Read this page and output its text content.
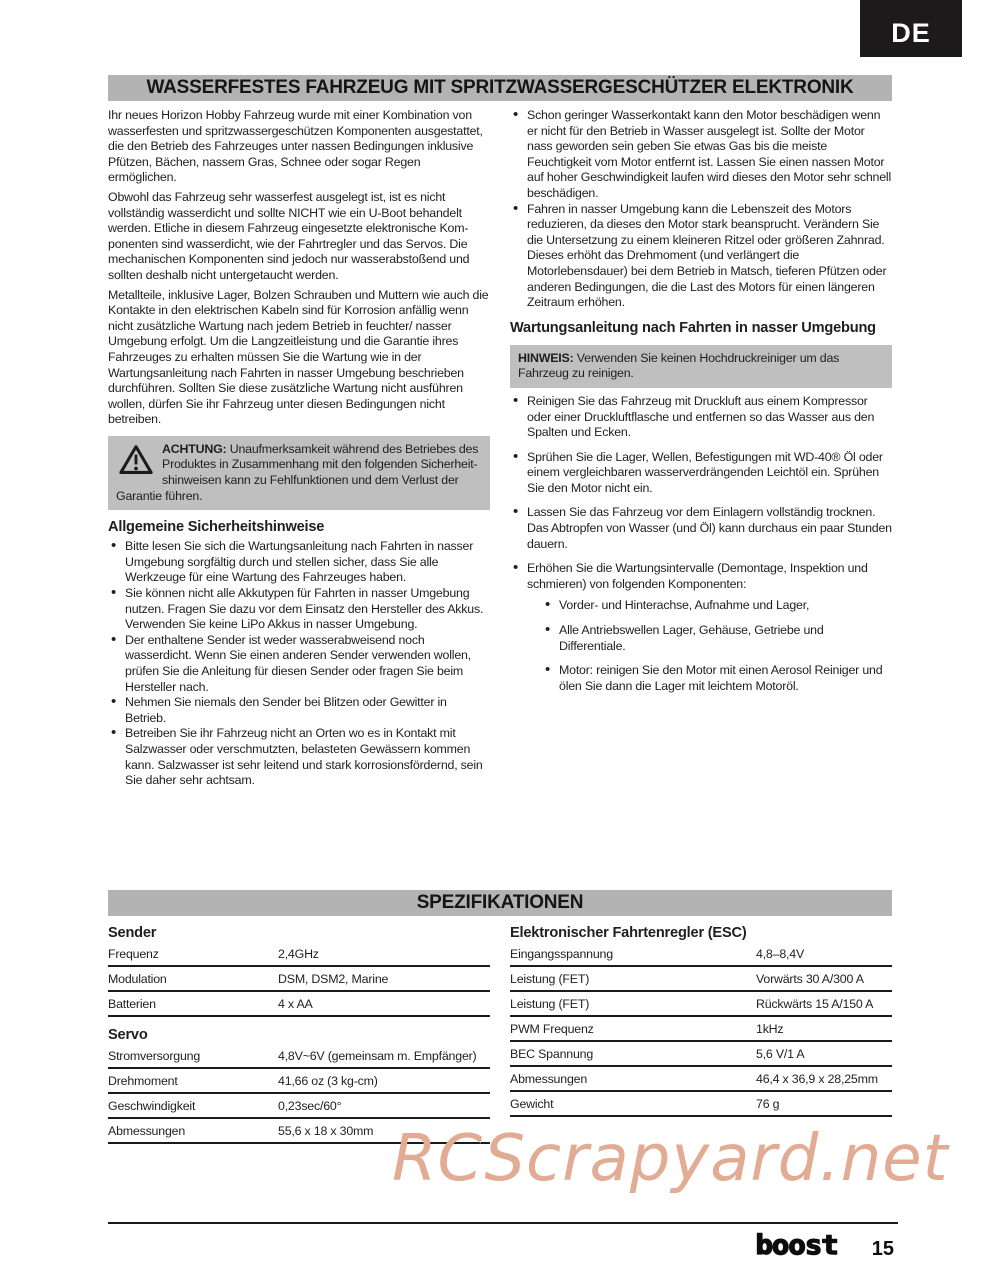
DE
WASSERFESTES FAHRZEUG MIT SPRITZWASSERGESCHÜTZER ELEKTRONIK

Ihr neues Horizon Hobby Fahrzeug wurde mit einer Kombination von wasserfesten und spritzwassergeschützen Komponenten ausgestattet, die den Betrieb des Fahrzeuges unter nassen Bedingungen inklusive Pfützen, Bächen, nassem Gras, Schnee oder sogar Regen ermöglichen.

Obwohl das Fahrzeug sehr wasserfest ausgelegt ist, ist es nicht vollständig wasserdicht und sollte NICHT wie ein U-Boot behandelt werden. Etliche in diesem Fahrzeug eingesetzte elektronische Komponenten sind wasserdicht, wie der Fahrtregler und das Servos. Die mechanischen Komponenten sind jedoch nur wasserabstoßend und sollten deshalb nicht untergetaucht werden.

Metallteile, inklusive Lager, Bolzen Schrauben und Muttern wie auch die Kontakte in den elektrischen Kabeln sind für Korrosion anfällig wenn nicht zusätzliche Wartung nach jedem Betrieb in feuchter/ nasser Umgebung erfolgt. Um die Langzeitleistung und die Garantie ihres Fahrzeuges zu erhalten müssen Sie die Wartung wie in der Wartungsanleitung nach Fahrten in nasser Umgebung beschrieben durchführen. Sollten Sie diese zusätzliche Wartung nicht ausführen wollen, dürfen Sie ihr Fahrzeug unter diesen Bedingungen nicht betreiben.

ACHTUNG: Unaufmerksamkeit während des Betriebes des Produktes in Zusammenhang mit den folgenden Sicherheitshinweisen kann zu Fehlfunktionen und dem Verlust der Garantie führen.
Allgemeine Sicherheitshinweise
• Bitte lesen Sie sich die Wartungsanleitung nach Fahrten in nasser Umgebung sorgfältig durch und stellen sicher, dass Sie alle Werkzeuge für eine Wartung des Fahrzeuges haben.
• Sie können nicht alle Akkutypen für Fahrten in nasser Umgebung nutzen. Fragen Sie dazu vor dem Einsatz den Hersteller des Akkus. Verwenden Sie keine LiPo Akkus in nasser Umgebung.
• Der enthaltene Sender ist weder wasserabweisend noch wasserdicht. Wenn Sie einen anderen Sender verwenden wollen, prüfen Sie die Anleitung für diesen Sender oder fragen Sie beim Hersteller nach.
• Nehmen Sie niemals den Sender bei Blitzen oder Gewitter in Betrieb.
• Betreiben Sie ihr Fahrzeug nicht an Orten wo es in Kontakt mit Salzwasser oder verschmutzten, belasteten Gewässern kommen kann. Salzwasser ist sehr leitend und stark korrosionsfördernd, sein Sie daher sehr achtsam.
• Schon geringer Wasserkontakt kann den Motor beschädigen wenn er nicht für den Betrieb in Wasser ausgelegt ist. Sollte der Motor nass geworden sein geben Sie etwas Gas bis die meiste Feuchtigkeit vom Motor entfernt ist. Lassen Sie einen nassen Motor auf hoher Geschwindigkeit laufen wird dieses den Motor sehr schnell beschädigen.
• Fahren in nasser Umgebung kann die Lebenszeit des Motors reduzieren, da dieses den Motor stark beansprucht. Verändern Sie die Untersetzung zu einem kleineren Ritzel oder größeren Zahnrad. Dieses erhöht das Drehmoment (und verlängert die Motorlebensdauer) bei dem Betrieb in Matsch, tieferen Pfützen oder anderen Bedingungen, die die Last des Motors für einen längeren Zeitraum erhöhen.
Wartungsanleitung nach Fahrten in nasser Umgebung
HINWEIS: Verwenden Sie keinen Hochdruckreiniger um das Fahrzeug zu reinigen.
• Reinigen Sie das Fahrzeug mit Druckluft aus einem Kompressor oder einer Druckluftflasche und entfernen so das Wasser aus den Spalten und Ecken.
• Sprühen Sie die Lager, Wellen, Befestigungen mit WD-40® Öl oder einem vergleichbaren wasserverdrängenden Leichtöl ein. Sprühen Sie den Motor nicht ein.
• Lassen Sie das Fahrzeug vor dem Einlagern vollständig trocknen. Das Abtropfen von Wasser (und Öl) kann durchaus ein paar Stunden dauern.
• Erhöhen Sie die Wartungsintervalle (Demontage, Inspektion und schmieren) von folgenden Komponenten:
• Vorder- und Hinterachse, Aufnahme und Lager,
• Alle Antriebswellen Lager, Gehäuse, Getriebe und Differentiale.
• Motor: reinigen Sie den Motor mit einen Aerosol Reiniger und ölen Sie dann die Lager mit leichtem Motoröl.
SPEZIFIKATIONEN
Sender
Frequenz	2,4GHz
Modulation	DSM, DSM2, Marine
Batterien	4 x AA
Servo
Stromversorgung	4,8V~6V (gemeinsam m. Empfänger)
Drehmoment	41,66 oz (3 kg-cm)
Geschwindigkeit	0,23sec/60°
Abmessungen	55,6 x 18 x 30mm
Elektronischer Fahrtenregler (ESC)
Eingangsspannung	4,8–8,4V
Leistung (FET)	Vorwärts 30 A/300 A
Leistung (FET)	Rückwärts 15 A/150 A
PWM Frequenz	1kHz
BEC Spannung	5,6 V/1 A
Abmessungen	46,4 x 36,9 x 28,25mm
Gewicht	76 g
RCScrapyard.net
boost 15
